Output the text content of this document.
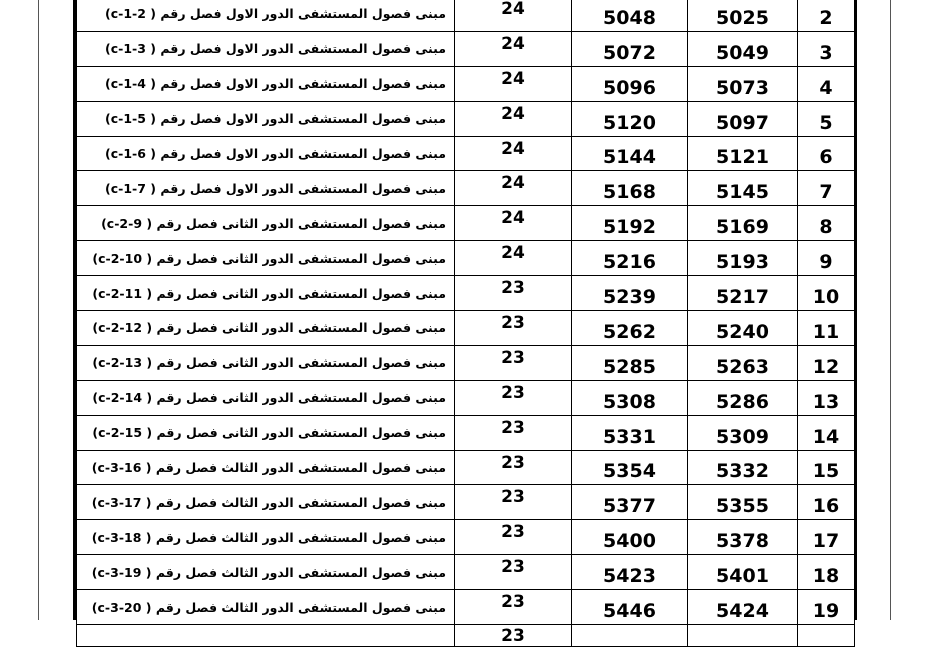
مبنى فصول المستشفى الدور الاول فصل رقم ( 2-1-c)	24	5048	5025	2
مبنى فصول المستشفى الدور الاول فصل رقم ( 3-1-c)	24	5072	5049	3
مبنى فصول المستشفى الدور الاول فصل رقم ( 4-1-c)	24	5096	5073	4
مبنى فصول المستشفى الدور الاول فصل رقم ( 5-1-c)	24	5120	5097	5
مبنى فصول المستشفى الدور الاول فصل رقم ( 6-1-c)	24	5144	5121	6
مبنى فصول المستشفى الدور الاول فصل رقم ( 7-1-c)	24	5168	5145	7
مبنى فصول المستشفى الدور الثانى فصل رقم ( 9-2-c)	24	5192	5169	8
مبنى فصول المستشفى الدور الثانى فصل رقم ( 10-2-c)	24	5216	5193	9
مبنى فصول المستشفى الدور الثانى فصل رقم ( 11-2-c)	23	5239	5217	10
مبنى فصول المستشفى الدور الثانى فصل رقم ( 12-2-c)	23	5262	5240	11
مبنى فصول المستشفى الدور الثانى فصل رقم ( 13-2-c)	23	5285	5263	12
مبنى فصول المستشفى الدور الثانى فصل رقم ( 14-2-c)	23	5308	5286	13
مبنى فصول المستشفى الدور الثانى فصل رقم ( 15-2-c)	23	5331	5309	14
مبنى فصول المستشفى الدور الثالث فصل رقم ( 16-3-c)	23	5354	5332	15
مبنى فصول المستشفى الدور الثالث فصل رقم ( 17-3-c)	23	5377	5355	16
مبنى فصول المستشفى الدور الثالث فصل رقم ( 18-3-c)	23	5400	5378	17
مبنى فصول المستشفى الدور الثالث فصل رقم ( 19-3-c)	23	5423	5401	18
مبنى فصول المستشفى الدور الثالث فصل رقم ( 20-3-c)	23	5446	5424	19
	23			
